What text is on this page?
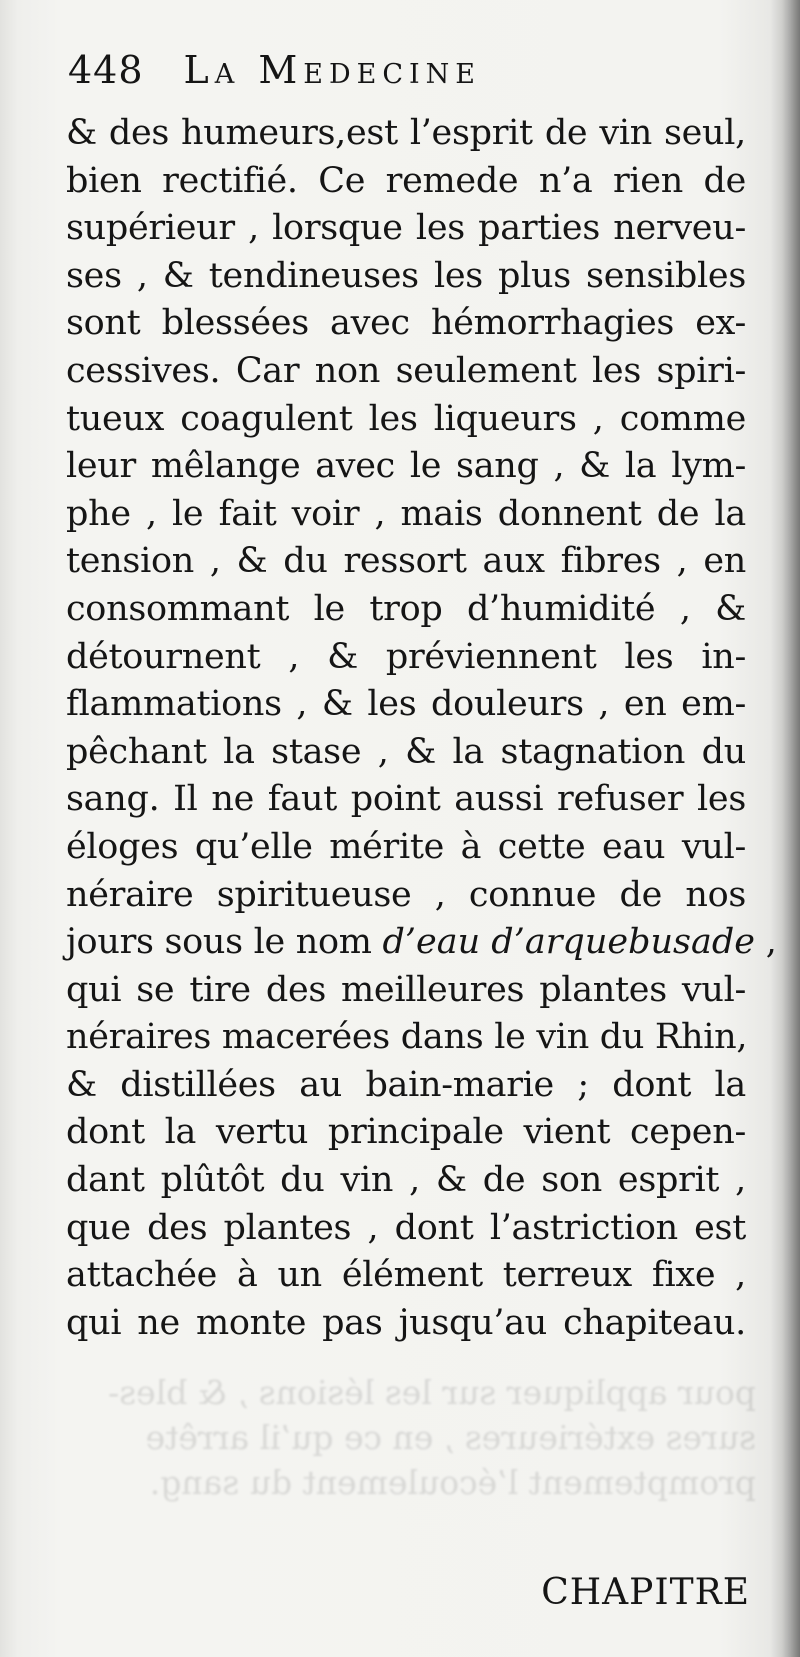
448 La Medecine
& des humeurs,est l’esprit de vin seul,
bien rectifié. Ce remede n’a rien de
supérieur , lorsque les parties nerveu-
ses , & tendineuses les plus sensibles
sont blessées avec hémorrhagies ex-
cessives. Car non seulement les spiri-
tueux coagulent les liqueurs , comme
leur mêlange avec le sang , & la lym-
phe , le fait voir , mais donnent de la
tension , & du ressort aux fibres , en
consommant le trop d’humidité , &
détournent , & préviennent les in-
flammations , & les douleurs , en em-
pêchant la stase , & la stagnation du
sang. Il ne faut point aussi refuser les
éloges qu’elle mérite à cette eau vul-
néraire spiritueuse , connue de nos
jours sous le nom d’eau d’arquebusade ,
qui se tire des meilleures plantes vul-
néraires macerées dans le vin du Rhin,
& distillées au bain-marie ; dont la
dont la vertu principale vient cepen-
dant plûtôt du vin , & de son esprit ,
que des plantes , dont l’astriction est
attachée à un élément terreux fixe ,
qui ne monte pas jusqu’au chapiteau.
pour appliquer sur les lésions , & bles-
sures extérieures , en ce qu’il arrête
promptement l’écoulement du sang.
CHAPITRE
